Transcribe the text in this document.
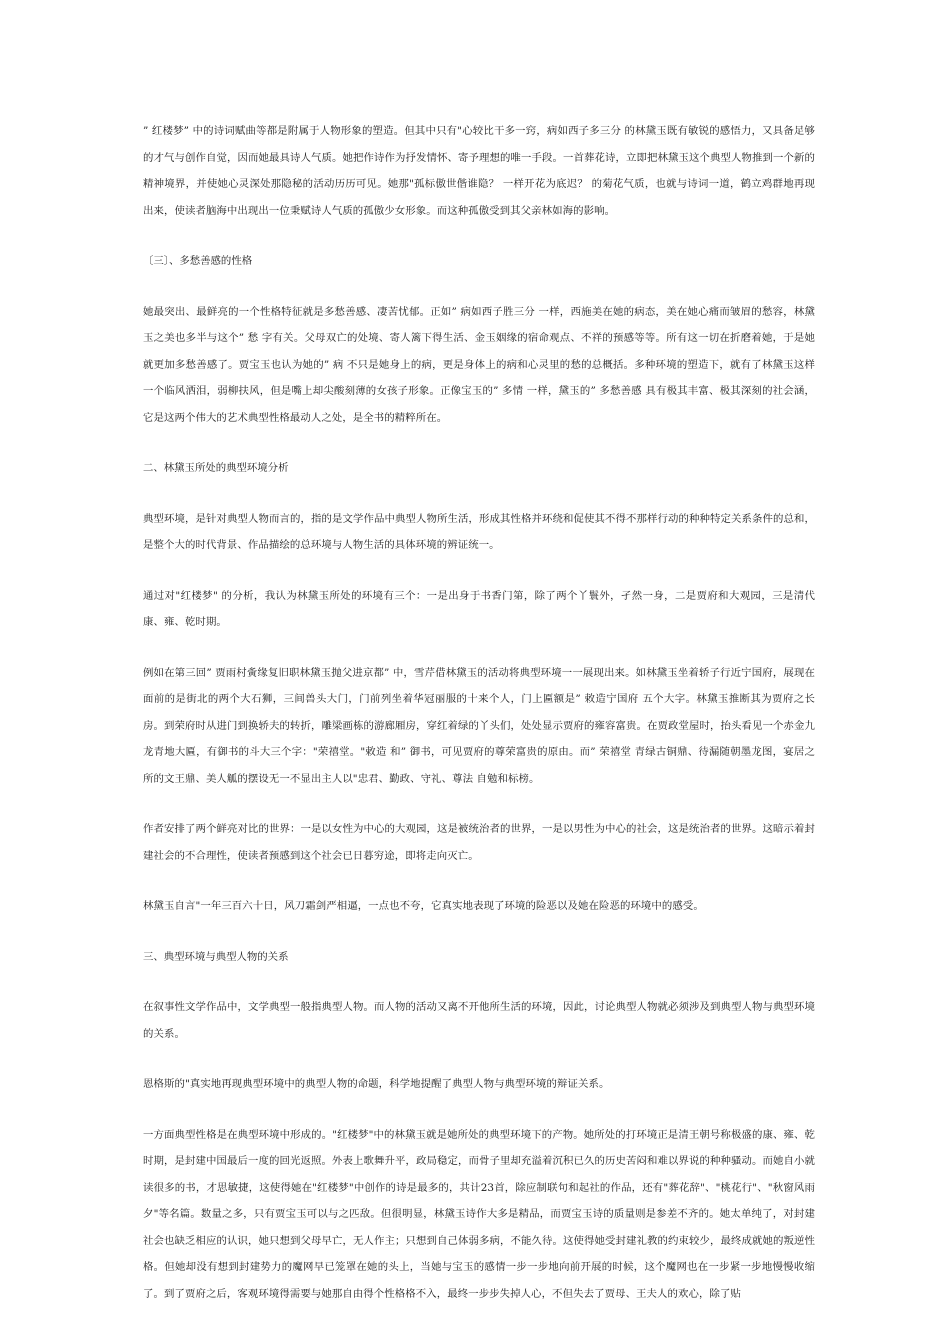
” 红楼梦” 中的诗词赋曲等都是附属于人物形象的塑造。但其中只有"心较比干多一窍，病如西子多三分 的林黛玉既有敏锐的感悟力，又具备足够的才气与创作自觉，因而她最具诗人气质。她把作诗作为抒发情怀、寄予理想的唯一手段。一首葬花诗，立即把林黛玉这个典型人物推到一个新的精神境界，并使她心灵深处那隐秘的活动历历可见。她那"孤标傲世偕谁隐？ 一样开花为底迟？ 的菊花气质，也就与诗词一道，鹤立鸡群地再现出来，使读者脑海中出现出一位秉赋诗人气质的孤傲少女形象。而这种孤傲受到其父亲林如海的影响。

〔三〕、多愁善感的性格

她最突出、最鲜亮的一个性格特征就是多愁善感、凄苦忧郁。正如” 病如西子胜三分 一样，西施美在她的病态，美在她心痛而皱眉的愁容，林黛玉之美也多半与这个” 愁 字有关。父母双亡的处境、寄人篱下得生活、金玉姻缘的宿命观点、不祥的预感等等。所有这一切在折磨着她，于是她就更加多愁善感了。贾宝玉也认为她的” 病 不只是她身上的病，更是身体上的病和心灵里的愁的总概括。多种环境的塑造下，就有了林黛玉这样一个临风洒泪，弱柳扶风，但是嘴上却尖酸刻薄的女孩子形象。正像宝玉的” 多情 一样，黛玉的” 多愁善感 具有极其丰富、极其深刻的社会涵，它是这两个伟大的艺术典型性格最动人之处，是全书的精粹所在。

二、林黛玉所处的典型环境分析

典型环境，是针对典型人物而言的，指的是文学作品中典型人物所生活，形成其性格并环绕和促使其不得不那样行动的种种特定关系条件的总和，是整个大的时代背景、作品描绘的总环境与人物生活的具体环境的辨证统一。

通过对"红楼梦" 的分析，我认为林黛玉所处的环境有三个：一是出身于书香门第，除了两个丫鬟外，孑然一身，二是贾府和大观园，三是清代康、雍、乾时期。

例如在第三回” 贾雨村夤缘复旧职林黛玉抛父进京都” 中，雪芹借林黛玉的活动将典型环境一一展现出来。如林黛玉坐着轿子行近宁国府，展现在面前的是街北的两个大石狮，三间兽头大门，门前列坐着华冠丽服的十来个人，门上匾额是” 敕造宁国府 五个大字。林黛玉推断其为贾府之长房。到荣府时从进门到换轿夫的转折，雕梁画栋的游廊厢房，穿红着绿的丫头们，处处显示贾府的雍容富贵。在贾政堂屋时，抬头看见一个赤金九龙青地大匾，有御书的斗大三个字："荣禧堂。"敕造 和” 御书，可见贾府的尊荣富贵的原由。而” 荣禧堂 青绿古铜鼎、待漏随朝墨龙图，宴居之所的文王鼎、美人觚的摆设无一不显出主人以"忠君、勤政、守礼、尊法 自勉和标榜。

作者安排了两个鲜亮对比的世界：一是以女性为中心的大观园，这是被统治者的世界，一是以男性为中心的社会，这是统治者的世界。这暗示着封建社会的不合理性，使读者预感到这个社会已日暮穷途，即将走向灭亡。

林黛玉自言"一年三百六十日，风刀霜剑严相逼，一点也不夸，它真实地表现了环境的险恶以及她在险恶的环境中的感受。

三、典型环境与典型人物的关系

在叙事性文学作品中，文学典型一般指典型人物。而人物的活动又离不开他所生活的环境，因此，讨论典型人物就必须涉及到典型人物与典型环境的关系。

恩格斯的"真实地再现典型环境中的典型人物的命题，科学地提醒了典型人物与典型环境的辩证关系。

一方面典型性格是在典型环境中形成的。"红楼梦"中的林黛玉就是她所处的典型环境下的产物。她所处的打环境正是清王朝号称极盛的康、雍、乾时期，是封建中国最后一度的回光返照。外表上歌舞升平，政局稳定，而骨子里却充溢着沉积已久的历史苦闷和难以界说的种种骚动。而她自小就读很多的书，才思敏捷，这使得她在"红楼梦"中创作的诗是最多的，共计23首，除应制联句和起社的作品，还有"葬花辞"、"桃花行"、"秋窗风雨夕"等名篇。数量之多，只有贾宝玉可以与之匹敌。但很明显，林黛玉诗作大多是精品，而贾宝玉诗的质量则是参差不齐的。她太单纯了，对封建社会也缺乏相应的认识，她只想到父母早亡，无人作主；只想到自己体弱多病，不能久待。这使得她受封建礼教的约束较少，最终成就她的叛逆性格。但她却没有想到封建势力的魔网早已笼罩在她的头上，当她与宝玉的感情一步一步地向前开展的时候，这个魔网也在一步紧一步地慢慢收缩了。到了贾府之后，客观环境得需要与她那自由得个性格格不入，最终一步步失掉人心，不但失去了贾母、王夫人的欢心，除了贴
